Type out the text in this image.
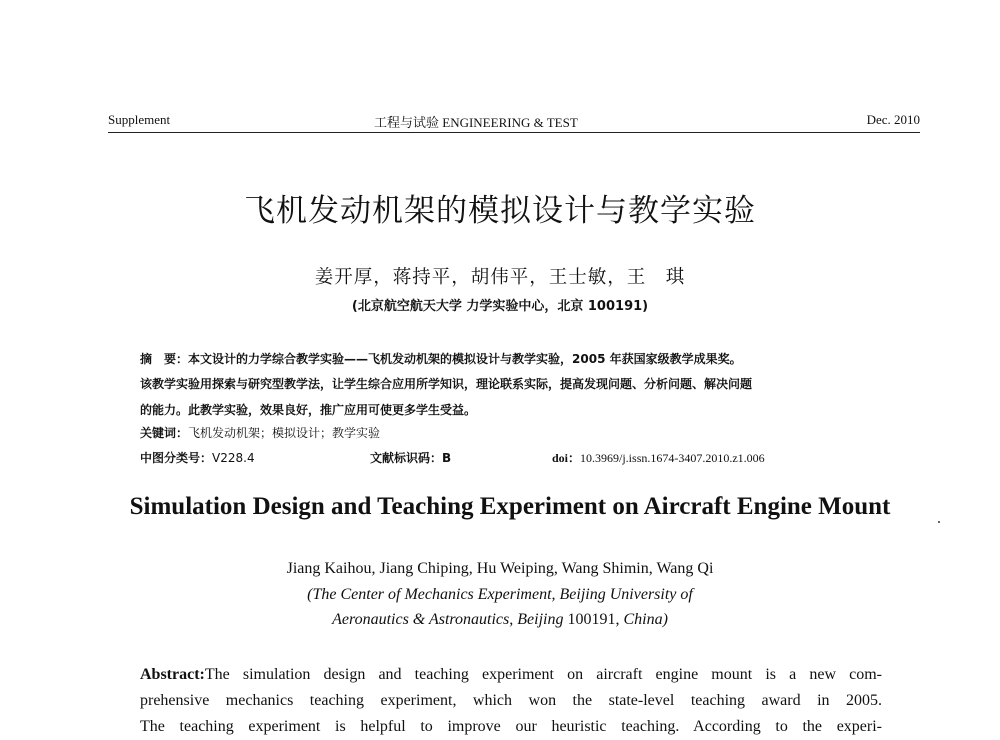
Supplement	工程与试验 ENGINEERING & TEST	Dec. 2010
飞机发动机架的模拟设计与教学实验
姜开厚，蒋持平，胡伟平，王士敏，王　琪
(北京航空航天大学 力学实验中心，北京 100191)
摘　要：本文设计的力学综合教学实验——飞机发动机架的模拟设计与教学实验，2005 年获国家级教学成果奖。
该教学实验用探索与研究型教学法，让学生综合应用所学知识，理论联系实际，提高发现问题、分析问题、解决问题
的能力。此教学实验，效果良好，推广应用可使更多学生受益。
关键词：飞机发动机架；模拟设计；教学实验
中图分类号：V228.4	文献标识码：B	doi：10.3969/j.issn.1674-3407.2010.z1.006
Simulation Design and Teaching Experiment on Aircraft Engine Mount
Jiang Kaihou, Jiang Chiping, Hu Weiping, Wang Shimin, Wang Qi
(The Center of Mechanics Experiment, Beijing University of
Aeronautics & Astronautics, Beijing 100191, China)
Abstract:The simulation design and teaching experiment on aircraft engine mount is a new com-
prehensive mechanics teaching experiment, which won the state-level teaching award in 2005.
The teaching experiment is helpful to improve our heuristic teaching. According to the experi-
